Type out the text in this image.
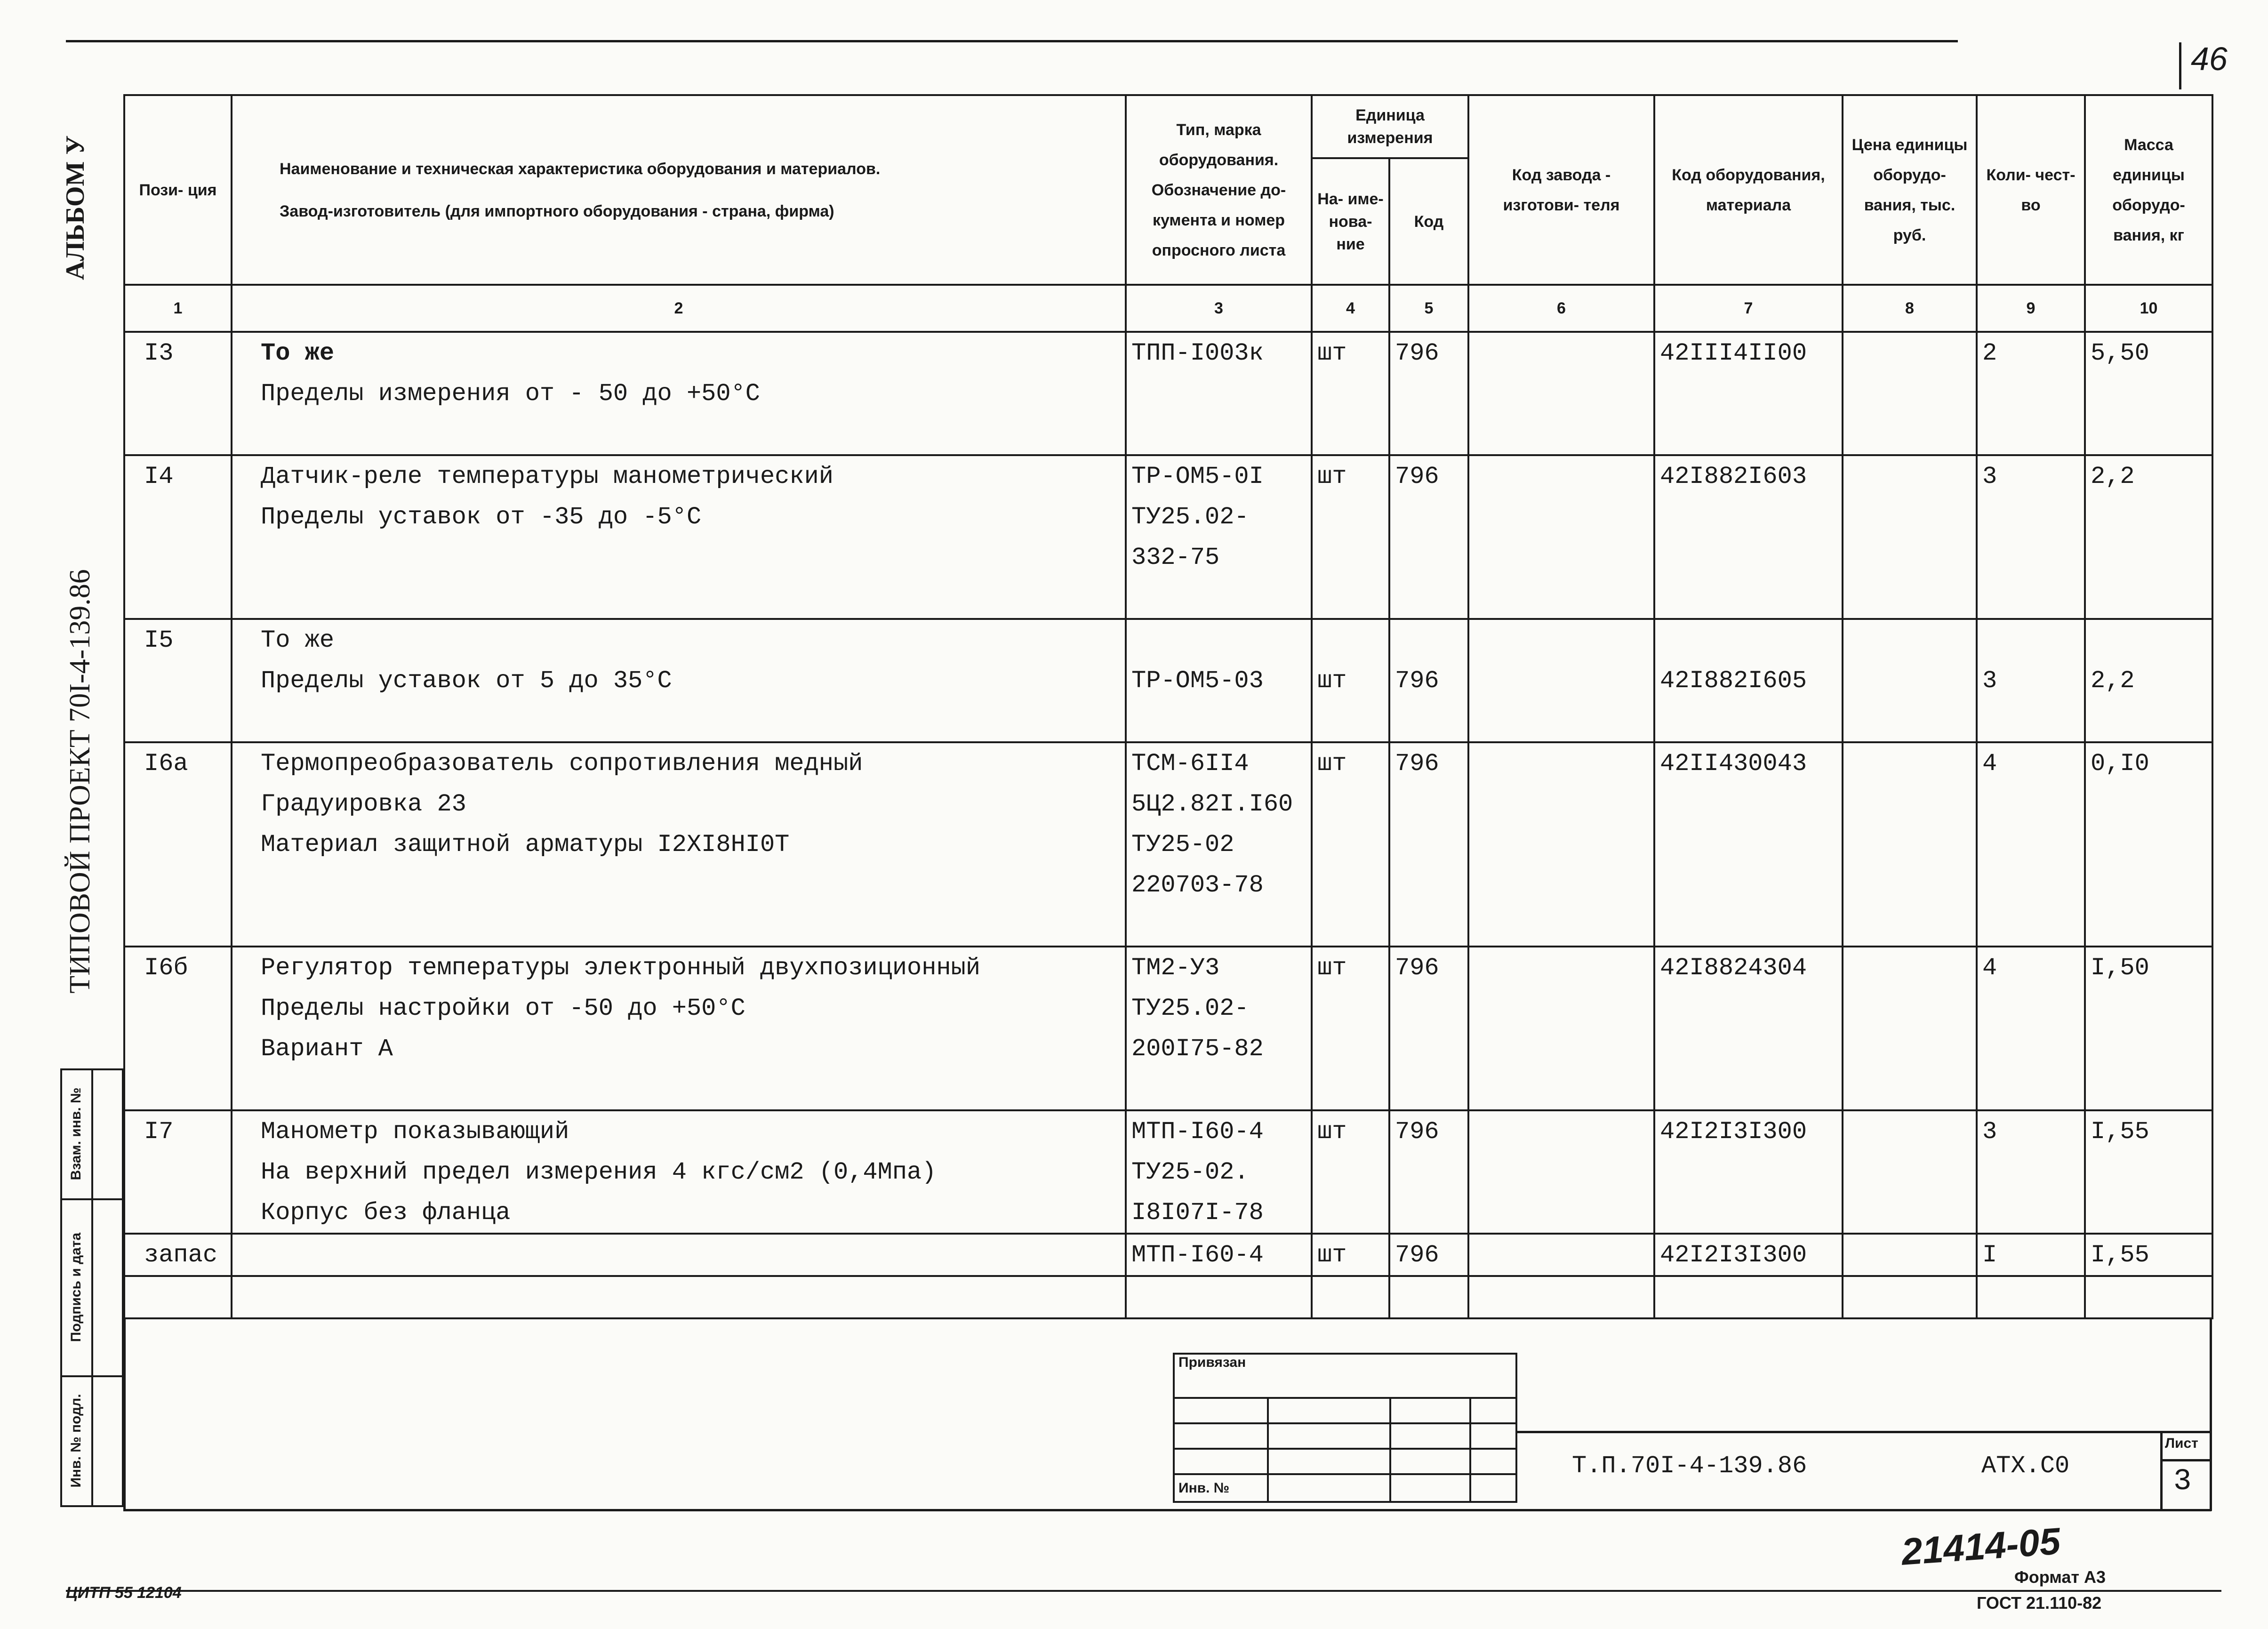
46
АЛЬБОМ У
ТИПОВОЙ ПРОЕКТ 70I-4-139.86
Взам. инв. №	

Подпись и дата	

Инв. № подл.	

Пози- ция	Наименование и техническая характеристика оборудования и материалов.
Завод-изготовитель (для импортного оборудования - страна, фирма)	Тип, марка оборудования. Обозначение до- кумента и номер опросного листа	Единица измерения		Код завода - изготови- теля	Код оборудования, материала	Цена единицы оборудо- вания, тыс. руб.	Коли- чест- во	Масса единицы оборудо- вания, кг
			На- име- нова- ние	Код					
1	2	3	4	5	6	7	8	9	10
I3	То же	ТПП-I003к	шт	796		42III4II00		2	5,50
	Пределы измерения от - 50 до +50°С								

I4	Датчик-реле температуры манометрический	ТР-ОМ5-0I	шт	796		42I882I603		3	2,2
	Пределы уставок от -35 до -5°С	ТУ25.02-							
		332-75							

I5	То же								
	Пределы уставок от 5 до 35°С	ТР-ОМ5-03	шт	796		42I882I605		3	2,2

I6а	Термопреобразователь сопротивления медный	ТСМ-6II4	шт	796		42II430043		4	0,I0
	Градуировка 23	5Ц2.82I.I60							
	Материал защитной арматуры I2XI8HI0T	ТУ25-02							
		220703-78							

I6б	Регулятор температуры электронный двухпозиционный	ТМ2-У3	шт	796		42I8824304		4	I,50
	Пределы настройки от -50 до +50°С	ТУ25.02-							
	Вариант А	200I75-82							

I7	Манометр показывающий	МТП-I60-4	шт	796		42I2I3I300		3	I,55
	На верхний предел измерения 4 кгс/см2 (0,4Мпа)	ТУ25-02.							
	Корпус без фланца	I8I07I-78							
запас		МТП-I60-4	шт	796		42I2I3I300		I	I,55

Привязан			

Инв. №			
Т.П.70I-4-139.86	АТХ.С0
Лист
3
21414-05
Формат А3
ЦИТП 55 12104
ГОСТ 21.110-82
